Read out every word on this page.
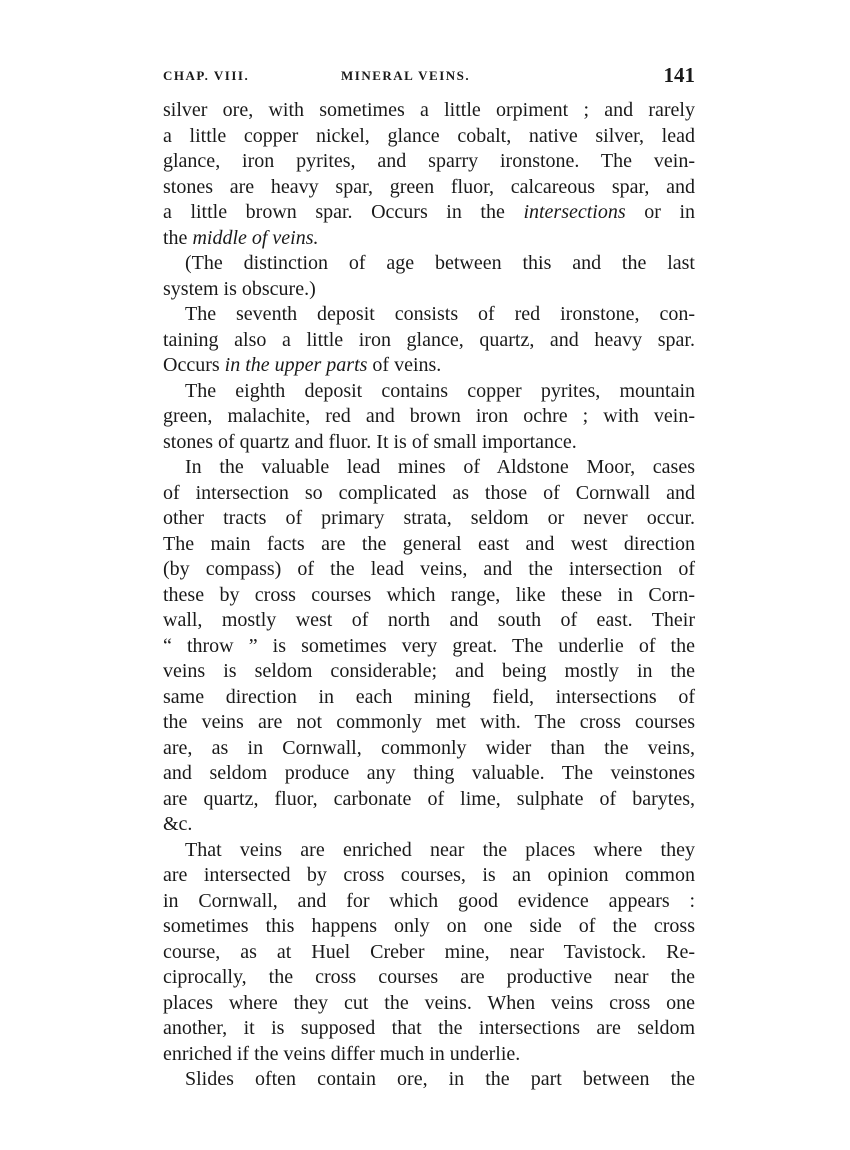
CHAP. VIII.	MINERAL VEINS.	141
silver ore, with sometimes a little orpiment ; and rarely
a little copper nickel, glance cobalt, native silver, lead
glance, iron pyrites, and sparry ironstone. The vein-
stones are heavy spar, green fluor, calcareous spar, and
a little brown spar. Occurs in the intersections or in
the middle of veins.
(The distinction of age between this and the last
system is obscure.)
The seventh deposit consists of red ironstone, con-
taining also a little iron glance, quartz, and heavy spar.
Occurs in the upper parts of veins.
The eighth deposit contains copper pyrites, mountain
green, malachite, red and brown iron ochre ; with vein-
stones of quartz and fluor. It is of small importance.
In the valuable lead mines of Aldstone Moor, cases
of intersection so complicated as those of Cornwall and
other tracts of primary strata, seldom or never occur.
The main facts are the general east and west direction
(by compass) of the lead veins, and the intersection of
these by cross courses which range, like these in Corn-
wall, mostly west of north and south of east. Their
“ throw ” is sometimes very great. The underlie of the
veins is seldom considerable; and being mostly in the
same direction in each mining field, intersections of
the veins are not commonly met with. The cross courses
are, as in Cornwall, commonly wider than the veins,
and seldom produce any thing valuable. The veinstones
are quartz, fluor, carbonate of lime, sulphate of barytes,
&c.
That veins are enriched near the places where they
are intersected by cross courses, is an opinion common
in Cornwall, and for which good evidence appears :
sometimes this happens only on one side of the cross
course, as at Huel Creber mine, near Tavistock. Re-
ciprocally, the cross courses are productive near the
places where they cut the veins. When veins cross one
another, it is supposed that the intersections are seldom
enriched if the veins differ much in underlie.
Slides often contain ore, in the part between the
